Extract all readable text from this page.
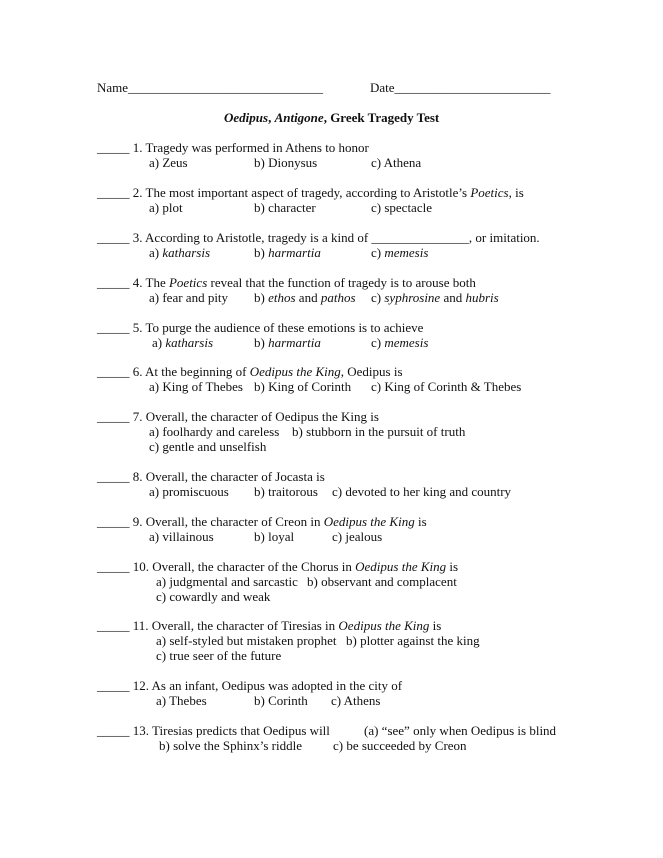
Name______________________________	Date________________________
Oedipus, Antigone, Greek Tragedy Test
_____ 1. Tragedy was performed in Athens to honor
a) Zeus	b) Dionysus	c) Athena
_____ 2. The most important aspect of tragedy, according to Aristotle’s Poetics, is
a) plot	b) character	c) spectacle
_____ 3. According to Aristotle, tragedy is a kind of _______________, or imitation.
a) katharsis	b) harmartia	c) memesis
_____ 4. The Poetics reveal that the function of tragedy is to arouse both
a) fear and pity b) ethos and pathos c) syphrosine and hubris
_____ 5. To purge the audience of these emotions is to achieve
a) katharsis	b) harmartia	c) memesis
_____ 6. At the beginning of Oedipus the King, Oedipus is
a) King of Thebes b) King of Corinth c) King of Corinth & Thebes
_____ 7. Overall, the character of Oedipus the King is
a) foolhardy and careless b) stubborn in the pursuit of truth
c) gentle and unselfish
_____ 8. Overall, the character of Jocasta is
a) promiscuous b) traitorous c) devoted to her king and country
_____ 9. Overall, the character of Creon in Oedipus the King is
a) villainous	b) loyal	c) jealous
_____ 10. Overall, the character of the Chorus in Oedipus the King is
a) judgmental and sarcastic b) observant and complacent
c) cowardly and weak
_____ 11. Overall, the character of Tiresias in Oedipus the King is
a) self-styled but mistaken prophet b) plotter against the king
c) true seer of the future
_____ 12. As an infant, Oedipus was adopted in the city of
a) Thebes	b) Corinth c) Athens
_____ 13. Tiresias predicts that Oedipus will	(a) “see” only when Oedipus is blind
b) solve the Sphinx’s riddle c) be succeeded by Creon
